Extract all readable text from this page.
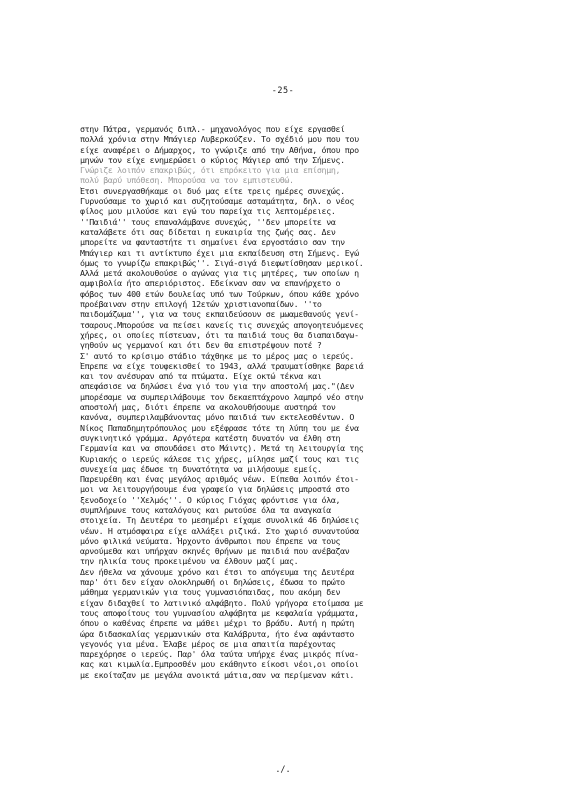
-25-
στην Πάτρα, γερμανός διπλ.- μηχανολόγος που είχε εργασθεί
πολλά χρόνια στην Μπάγιερ Λυβερκούζεν. Το σχέδιό μου που του
είχε αναφέρει ο Δήμαρχος, το γνώριζε από την Αθήνα, όπου προ
μηνών τον είχε ενημερώσει ο κύριος Μάγιερ από την Σήμενς.
Γνώριζε λοιπόν επακριβώς, ότι επρόκειτο για μια επίσημη,
πολύ βαρύ υπόθεση. Μπορούσα να τον εμπιστευθώ.
Έτσι συνεργασθήκαμε οι δυό μας είτε τρεις ημέρες συνεχώς.
Γυρνούσαμε το χωριό και συζητούσαμε ασταμάτητα, δηλ. ο νέος
φίλος μου μιλούσε και εγώ του παρείχα τις λεπτομέρειες.
''Παιδιά'' τους επαναλάμβανε συνεχώς, ''δεν μπορείτε να
καταλάβετε ότι σας δίδεται η ευκαιρία της ζωής σας. Δεν
μπορείτε να φανταστήτε τι σημαίνει ένα εργοστάσιο σαν την
Μπάγιερ και τι αντίκτυπο έχει μια εκπαίδευση στη Σήμενς. Εγώ
όμως το γνωρίζω επακριβώς''. Σιγά-σιγά διεφωτίσθησαν μερικοί.
Αλλά μετά ακολουθούσε ο αγώνας για τις μητέρες, των οποίων η
αμφιβολία ήτο απεριόριστος. Εδείκναν σαν να επανήρχετο ο
φόβος των 400 ετών δουλείας υπό των Τούρκων, όπου κάθε χρόνο
προέβαιναν στην επιλογή 12ετών χριστιανοπαίδων. ''το
παιδομάζωμα'', για να τους εκπαιδεύσουν σε μωαμεθανούς γενί-
τσαρους.Μπορούσε να πείσει κανείς τις συνεχώς απογοητευόμενες
χήρες, οι οποίες πίστευαν, ότι τα παιδιά τους θα διαπαιδαγω-
γηθούν ως γερμανοί και ότι δεν θα επιστρέψουν ποτέ ?
Σ' αυτό το κρίσιμο στάδιο τάχθηκε με το μέρος μας ο ιερεύς.
Έπρεπε να είχε τουφεκισθεί το 1943, αλλά τραυματίσθηκε βαρειά
και τον ανέσυραν από τα πτώματα. Είχε οκτώ τέκνα και
απεφάσισε να δηλώσει ένα γιό του για την αποστολή μας."(Δεν
μπορέσαμε να συμπεριλάβουμε τον δεκαεπτάχρονο λαμπρό νέο στην
αποστολή μας, διότι έπρεπε να ακολουθήσουμε αυστηρά τον
κανόνα, συμπεριλαμβάνοντας μόνο παιδιά των εκτελεσθέντων. Ο
Νίκος Παπαδημητρόπουλος μου εξέφρασε τότε τη λύπη του με ένα
συγκινητικό γράμμα. Αργότερα κατέστη δυνατόν να έλθη στη
Γερμανία και να σπουδάσει στο Μάιντς). Μετά τη λειτουργία της
Κυριακής ο ιερεύς κάλεσε τις χήρες, μίλησε μαζί τους και τις
συνεχεία μας έδωσε τη δυνατότητα να μιλήσουμε εμείς.
Παρευρέθη και ένας μεγάλος αριθμός νέων. Είπεθα λοιπόν έτοι-
μοι να λειτουργήσουμε ένα γραφείο για δηλώσεις μπροστά στο
ξενοδοχείο ''Χελμός''. Ο κύριος Γιόχας φρόντισε για όλα,
συμπλήρωνε τους καταλόγους και ρωτούσε όλα τα αναγκαία
στοιχεία. Τη Δευτέρα το μεσημέρι είχαμε συνολικά 46 δηλώσεις
νέων. Η ατμόσφαιρα είχε αλλάξει ριζικά. Στο χωριό συναντούσα
μόνο φιλικά νεύματα. Ήρχοντο άνθρωποι που έπρεπε να τους
αρνούμεθα και υπήρχαν σκηνές θρήνων με παιδιά που ανέβαζαν
την ηλικία τους προκειμένου να έλθουν μαζί μας.
Δεν ήθελα να χάνουμε χρόνο και έτσι το απόγευμα της Δευτέρα
παρ' ότι δεν είχαν ολοκληρωθή οι δηλώσεις, έδωσα το πρώτο
μάθημα γερμανικών για τους γυμνασιόπαιδας, που ακόμη δεν
είχαν διδαχθεί το λατινικό αλφάβητο. Πολύ γρήγορα ετοίμασα με
τους αποφοίτους του γυμνασίου αλφάβητα με κεφαλαία γράμματα,
όπου ο καθένας έπρεπε να μάθει μέχρι το βράδυ. Αυτή η πρώτη
ώρα διδασκαλίας γερμανικών στα Καλάβρυτα, ήτο ένα αφάνταστο
γεγονός για μένα. Έλαβε μέρος σε μια απαιτία παρέχοντας
παρεχόρησε ο ιερεύς. Παρ' όλα ταύτα υπήρχε ένας μικρός πίνα-
κας και κιμωλία.Εμπροσθέν μου εκάθηντο είκοσι νέοι,οι οποίοι
με εκοίταζαν με μεγάλα ανοικτά μάτια,σαν να περίμεναν κάτι.
./.
